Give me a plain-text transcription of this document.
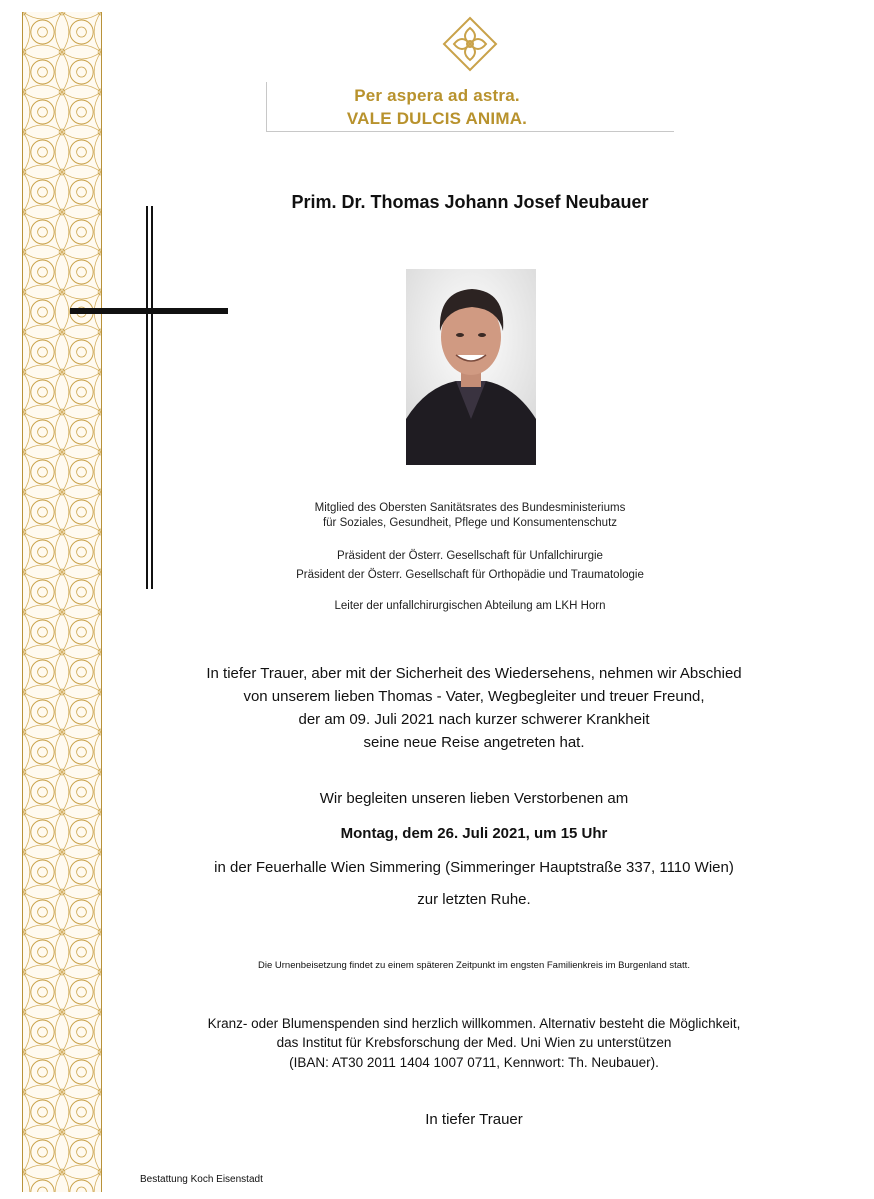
Per aspera ad astra.
VALE DULCIS ANIMA.
Prim. Dr. Thomas Johann Josef Neubauer
Mitglied des Obersten Sanitätsrates des Bundesministeriums
für Soziales, Gesundheit, Pflege und Konsumentenschutz
Präsident der Österr. Gesellschaft für Unfallchirurgie
Präsident der Österr. Gesellschaft für Orthopädie und Traumatologie
Leiter der unfallchirurgischen Abteilung am LKH Horn
In tiefer Trauer, aber mit der Sicherheit des Wiedersehens, nehmen wir Abschied
von unserem lieben Thomas - Vater, Wegbegleiter und treuer Freund,
der am 09. Juli 2021 nach kurzer schwerer Krankheit
seine neue Reise angetreten hat.
Wir begleiten unseren lieben Verstorbenen am
Montag, dem 26. Juli 2021, um 15 Uhr
in der Feuerhalle Wien Simmering (Simmeringer Hauptstraße 337, 1110 Wien)
zur letzten Ruhe.
Die Urnenbeisetzung findet zu einem späteren Zeitpunkt im engsten Familienkreis im Burgenland statt.
Kranz- oder Blumenspenden sind herzlich willkommen. Alternativ besteht die Möglichkeit,
das Institut für Krebsforschung der Med. Uni Wien zu unterstützen
(IBAN: AT30 2011 1404 1007 0711, Kennwort: Th. Neubauer).
In tiefer Trauer
Bestattung Koch Eisenstadt
